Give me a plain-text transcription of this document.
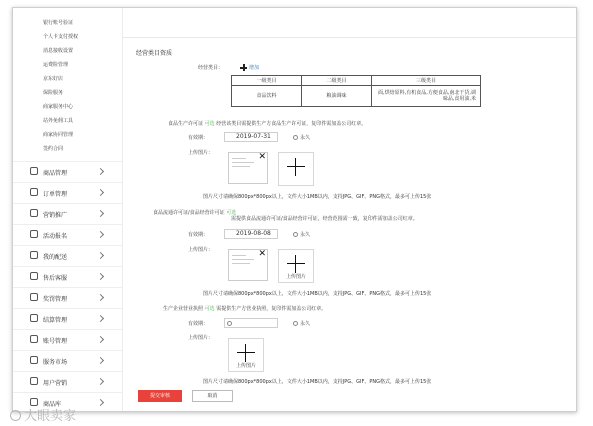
银行账号验证
个人卡支付授权
消息接收设置
运费险管理
京东好店
保险服务
商家服务中心
站外免佣工具
商家协同管理
签约合同
商品管理
订单管理
营销推广
活动报名
我的配送
售后客服
奖罚管理
结算管理
账号管理
服务市场
用户营销
商品库
经营类目资质
经营类目：	增加
一级类目	二级类目	三级类目
食品饮料	粮油调味	面,烘焙原料,有机食品,方便食品,南北干货,调味品,食用油,米
食品生产许可证 可选 经营该类目需提供生产方食品生产许可证，复印件需加盖公司红章。
有效期：	2019-07-31	永久
上传图片：	✕
图片尺寸请确保800px*800px以上，文件大小1MB以内，支持JPG、GIF、PNG格式，最多可上传15张
食品流通许可证/食品经营许可证 可选
需提供食品流通许可证/食品经营许可证，经营范围需一致，复印件需加盖公司红章。
有效期：	2019-08-08	永久
上传图片：	✕
上传图片
图片尺寸请确保800px*800px以上，文件大小1MB以内，支持JPG、GIF、PNG格式，最多可上传15张
生产企业营业执照 可选 需提供生产方营业执照，复印件需加盖公司红章。
有效期：	永久
上传图片：
上传图片
图片尺寸请确保800px*800px以上，文件大小1MB以内，支持JPG、GIF、PNG格式，最多可上传15张
提交审核	取消
大眼卖家
